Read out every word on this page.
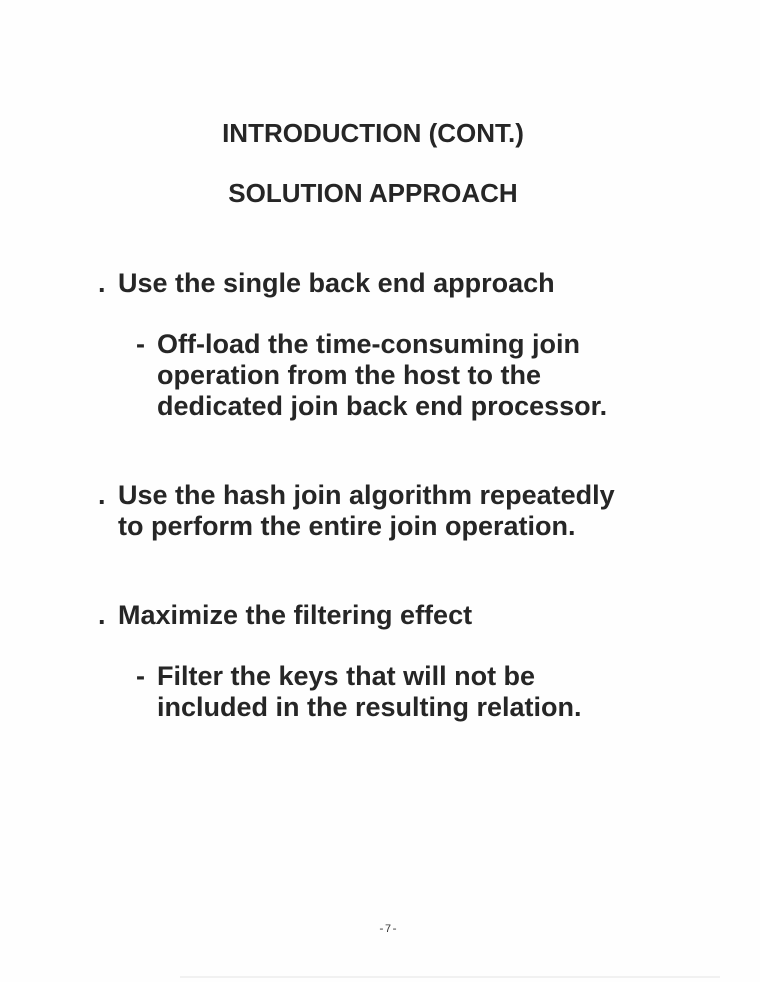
INTRODUCTION (CONT.)
SOLUTION APPROACH

. Use the single back end approach

- Off-load the time-consuming join

operation from the host to the

dedicated join back end processor.

. Use the hash join algorithm repeatedly

to perform the entire join operation.

. Maximize the filtering effect

- Filter the keys that will not be

included in the resulting relation.

-7-
